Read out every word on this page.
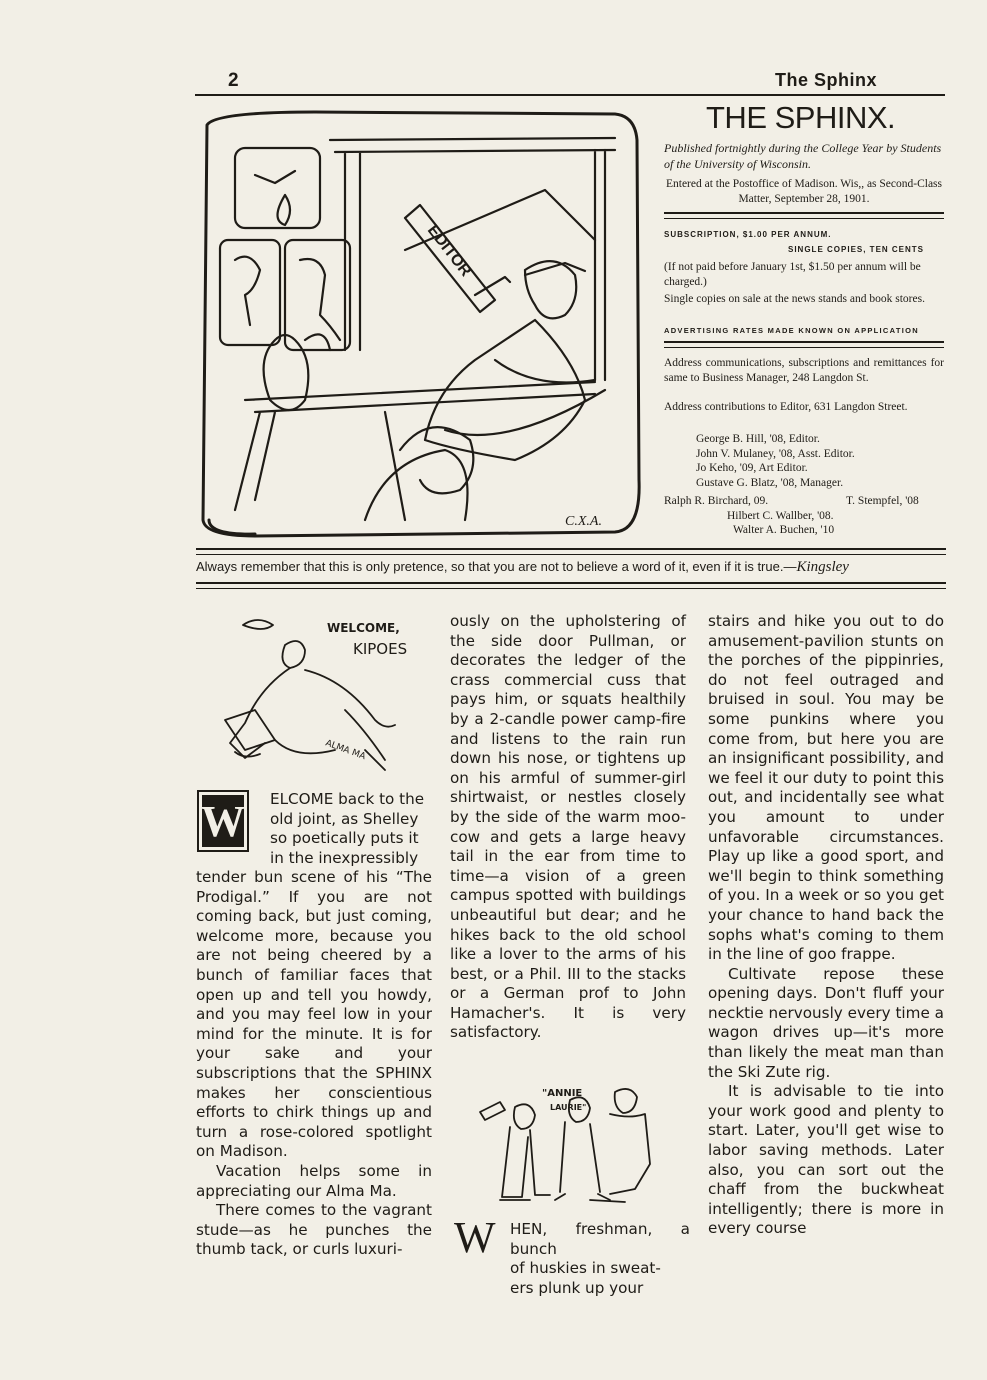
2	The Sphinx
EDITOR
C.X.A.
THE SPHINX.
Published fortnightly during the College Year by Students of the University of Wisconsin.
Entered at the Postoffice of Madison. Wis,, as Second-Class Matter, September 28, 1901.
SUBSCRIPTION, $1.00 PER ANNUM.
SINGLE COPIES, TEN CENTS
(If not paid before January 1st, $1.50 per annum will be charged.)
Single copies on sale at the news stands and book stores.
ADVERTISING RATES MADE KNOWN ON APPLICATION
Address communications, subscriptions and remittances for same to Business Manager, 248 Langdon St.
Address contributions to Editor, 631 Langdon Street.
George B. Hill, '08, Editor.
John V. Mulaney, '08, Asst. Editor.
Jo Keho, '09, Art Editor.
Gustave G. Blatz, '08, Manager.
Ralph R. Birchard, 09.	T. Stempfel, '08
Hilbert C. Wallber, '08.
Walter A. Buchen, '10
Always remember that this is only pretence, so that you are not to believe a word of it, even if it is true.—Kingsley
WELCOME,
KIPOES
ALMA MA
W ELCOME back to the
old joint, as Shelley
so poetically puts it
in the inexpressibly

tender bun scene of his “The Prodigal.” If you are not coming back, but just coming, welcome more, because you are not being cheered by a bunch of familiar faces that open up and tell you howdy, and you may feel low in your mind for the minute. It is for your sake and your subscriptions that the SPHINX makes her conscientious efforts to chirk things up and turn a rose-colored spotlight on Madison.

Vacation helps some in appreciating our Alma Ma.

There comes to the vagrant stude—as he punches the thumb tack, or curls luxuri-

ously on the upholstering of the side door Pullman, or decorates the ledger of the crass commercial cuss that pays him, or squats healthily by a 2-candle power camp-fire and listens to the rain run down his nose, or tightens up on his armful of summer-girl shirtwaist, or nestles closely by the side of the warm moo-cow and gets a large heavy tail in the ear from time to time—a vision of a green campus spotted with buildings unbeautiful but dear; and he hikes back to the old school like a lover to the arms of his best, or a Phil. III to the stacks or a German prof to John Hamacher's. It is very satisfactory.

"ANNIE
LAURIE"
W HEN, freshman, a bunch
of huskies in sweat-
ers plunk up your

stairs and hike you out to do amusement-pavilion stunts on the porches of the pippinries, do not feel outraged and bruised in soul. You may be some punkins where you come from, but here you are an insignificant possibility, and we feel it our duty to point this out, and incidentally see what you amount to under unfavorable circumstances. Play up like a good sport, and we'll begin to think something of you. In a week or so you get your chance to hand back the sophs what's coming to them in the line of goo frappe.

Cultivate repose these opening days. Don't fluff your necktie nervously every time a wagon drives up—it's more than likely the meat man than the Ski Zute rig.

It is advisable to tie into your work good and plenty to start. Later, you'll get wise to labor saving methods. Later also, you can sort out the chaff from the buckwheat intelligently; there is more in every course
